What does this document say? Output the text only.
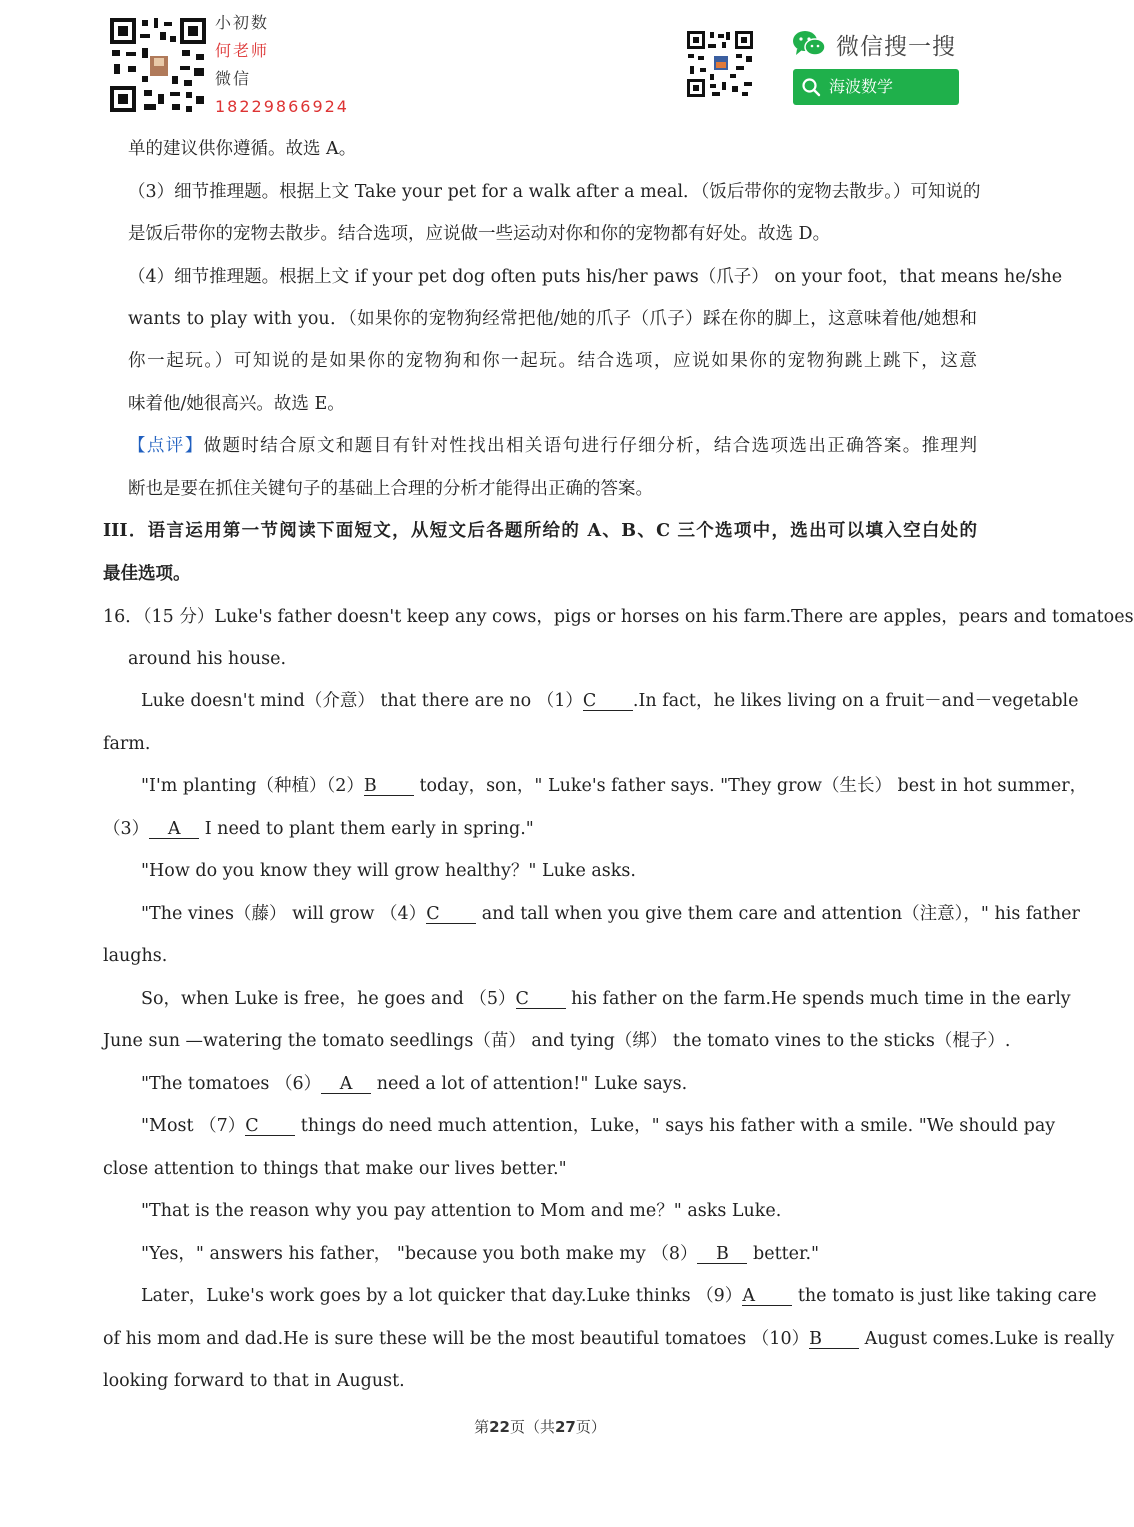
小初数
何老师
微信
18229866924
微信搜一搜
海波数学
单的建议供你遵循。故选 A。
（3）细节推理题。根据上文 Take your pet for a walk after a meal．（饭后带你的宠物去散步。）可知说的
是饭后带你的宠物去散步。结合选项，应说做一些运动对你和你的宠物都有好处。故选 D。
（4）细节推理题。根据上文 if your pet dog often puts his/her paws（爪子） on your foot，that means he/she
wants to play with you．（如果你的宠物狗经常把他/她的爪子（爪子）踩在你的脚上，这意味着他/她想和
你一起玩。）可知说的是如果你的宠物狗和你一起玩。结合选项，应说如果你的宠物狗跳上跳下，这意
味着他/她很高兴。故选 E。
【点评】做题时结合原文和题目有针对性找出相关语句进行仔细分析，结合选项选出正确答案。推理判
断也是要在抓住关键句子的基础上合理的分析才能得出正确的答案。
III．语言运用第一节阅读下面短文，从短文后各题所给的 A、B、C 三个选项中，选出可以填入空白处的
最佳选项。
16．（15 分）Luke's father doesn't keep any cows，pigs or horses on his farm.There are apples，pears and tomatoes
around his house.
Luke doesn't mind（介意） that there are no （1）C .In fact，he likes living on a fruit－and－vegetable
farm.
"I'm planting（种植）（2）B today，son，" Luke's father says. "They grow（生长） best in hot summer，
（3） A I need to plant them early in spring."
"How do you know they will grow healthy？" Luke asks.
"The vines（藤） will grow （4）C and tall when you give them care and attention（注意），" his father
laughs.
So，when Luke is free，he goes and （5）C his father on the farm.He spends much time in the early
June sun —watering the tomato seedlings（苗） and tying（绑） the tomato vines to the sticks（棍子）.
"The tomatoes （6） A need a lot of attention!" Luke says.
"Most （7）C things do need much attention，Luke，" says his father with a smile. "We should pay
close attention to things that make our lives better."
"That is the reason why you pay attention to Mom and me？" asks Luke.
"Yes，" answers his father， "because you both make my （8） B better."
Later，Luke's work goes by a lot quicker that day.Luke thinks （9）A the tomato is just like taking care
of his mom and dad.He is sure these will be the most beautiful tomatoes （10）B August comes.Luke is really
looking forward to that in August.
第22页（共27页）
